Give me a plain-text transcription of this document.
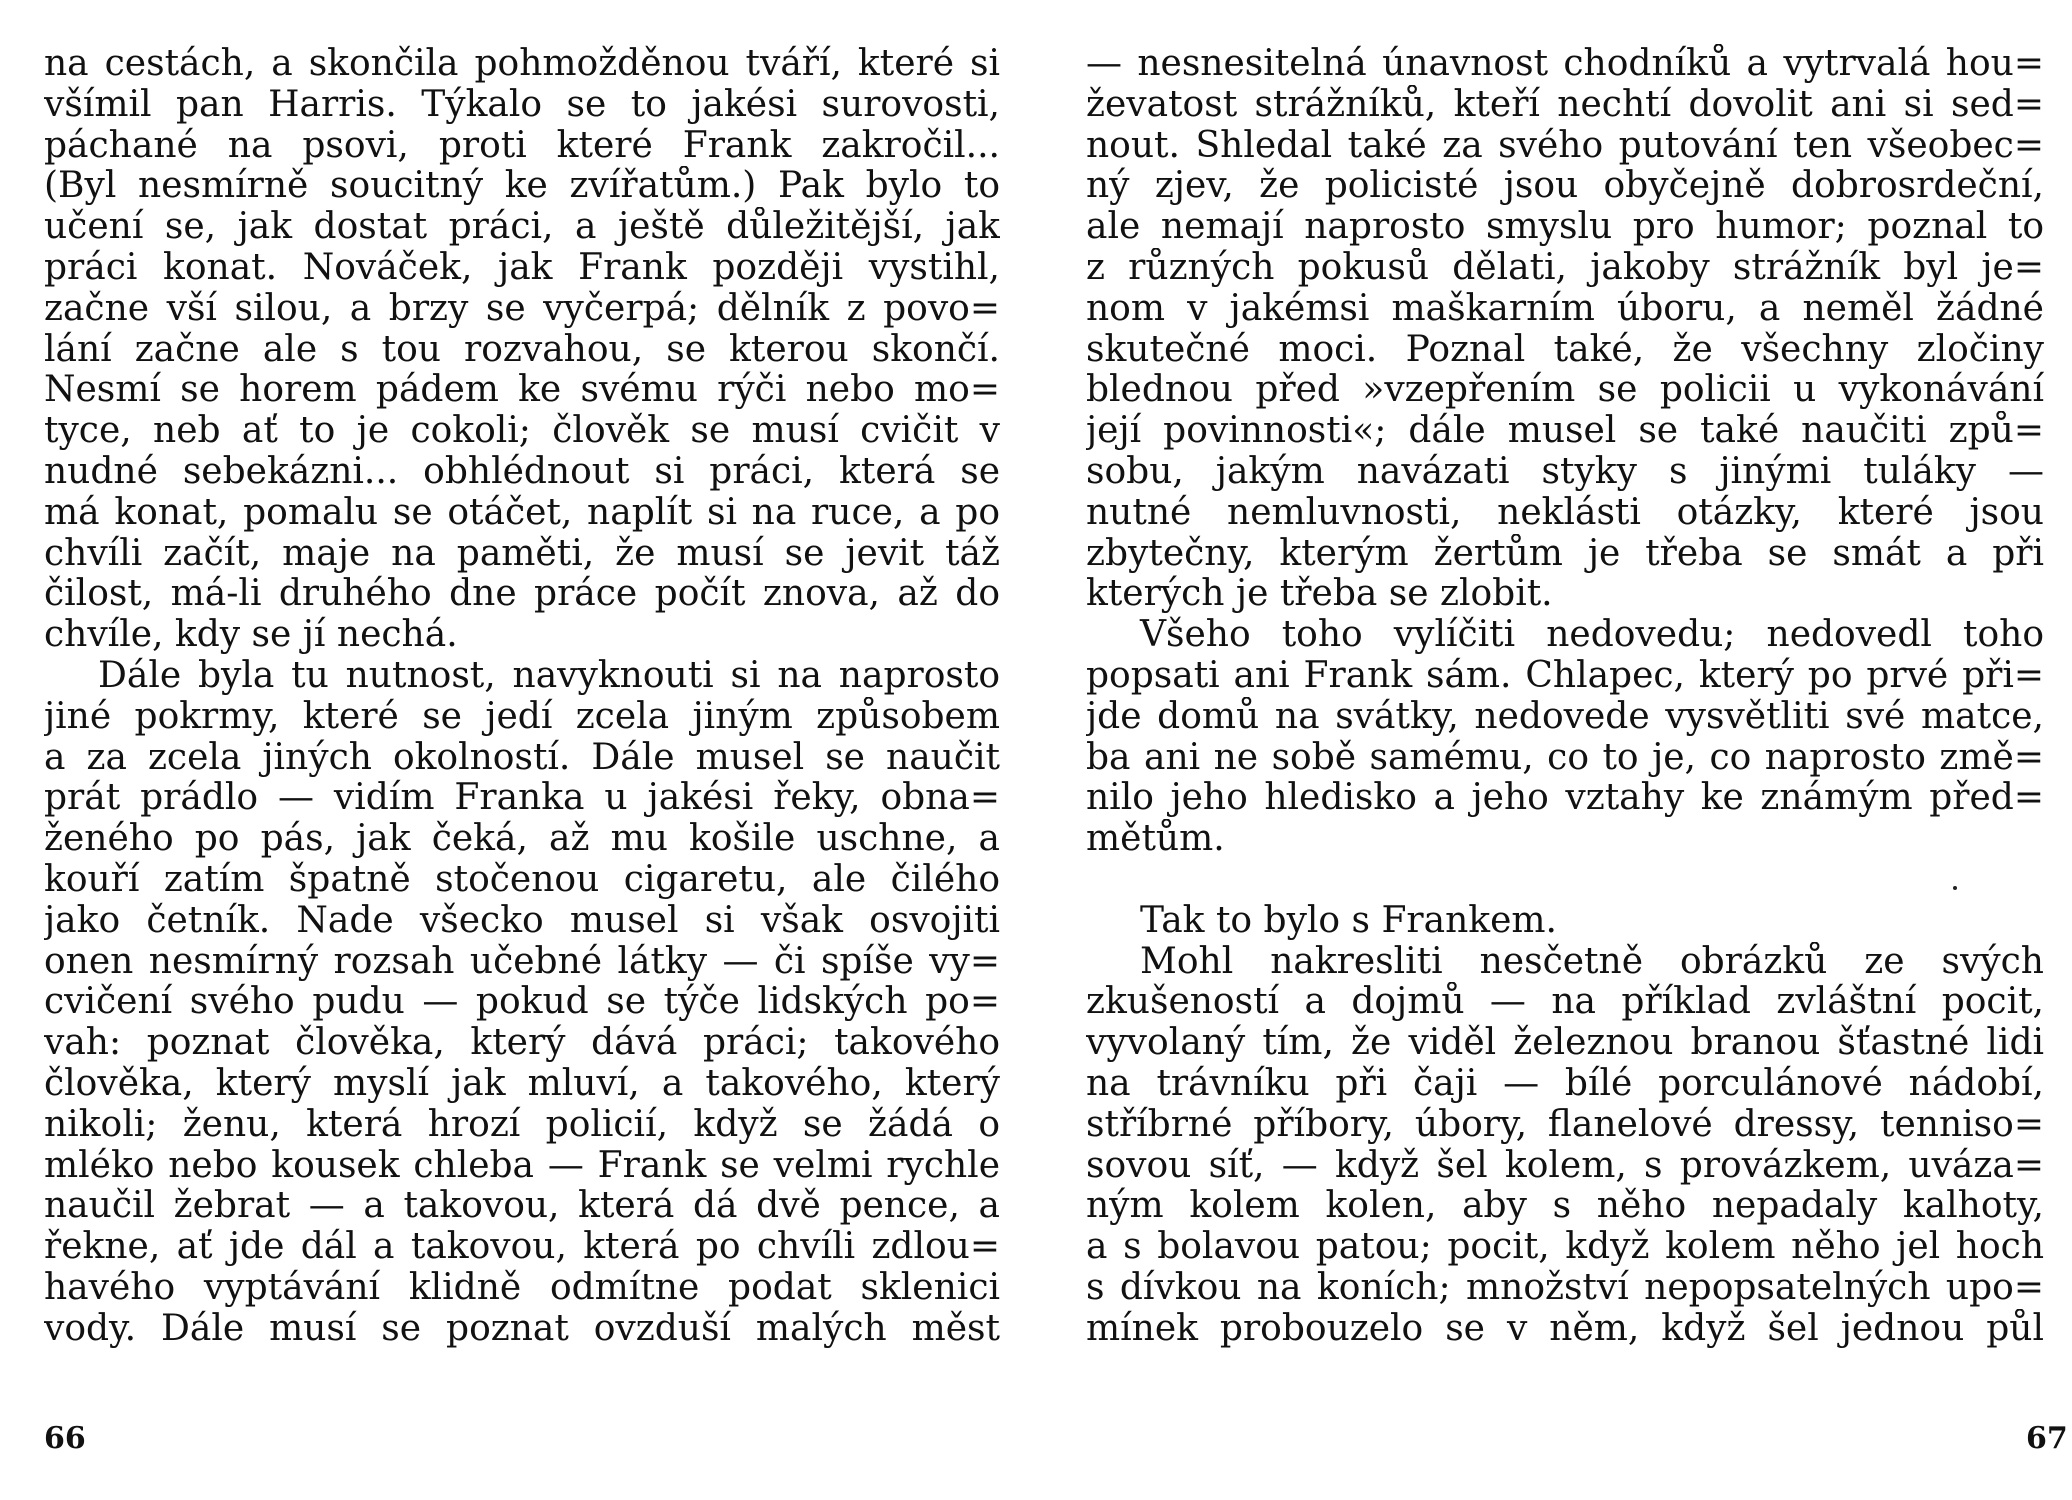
na cestách, a skončila pohmožděnou tváří, které si
všímil pan Harris. Týkalo se to jakési surovosti,
páchané na psovi, proti které Frank zakročil...
(Byl nesmírně soucitný ke zvířatům.) Pak bylo to
učení se, jak dostat práci, a ještě důležitější, jak
práci konat. Nováček, jak Frank později vystihl,
začne vší silou, a brzy se vyčerpá; dělník z povo=
lání začne ale s tou rozvahou, se kterou skončí.
Nesmí se horem pádem ke svému rýči nebo mo=
tyce, neb ať to je cokoli; člověk se musí cvičit v
nudné sebekázni... obhlédnout si práci, která se
má konat, pomalu se otáčet, naplít si na ruce, a po
chvíli začít, maje na paměti, že musí se jevit táž
čilost, má-li druhého dne práce počít znova, až do
chvíle, kdy se jí nechá.
Dále byla tu nutnost, navyknouti si na naprosto
jiné pokrmy, které se jedí zcela jiným způsobem
a za zcela jiných okolností. Dále musel se naučit
prát prádlo — vidím Franka u jakési řeky, obna=
ženého po pás, jak čeká, až mu košile uschne, a
kouří zatím špatně stočenou cigaretu, ale čilého
jako četník. Nade všecko musel si však osvojiti
onen nesmírný rozsah učebné látky — či spíše vy=
cvičení svého pudu — pokud se týče lidských po=
vah: poznat člověka, který dává práci; takového
člověka, který myslí jak mluví, a takového, který
nikoli; ženu, která hrozí policií, když se žádá o
mléko nebo kousek chleba — Frank se velmi rychle
naučil žebrat — a takovou, která dá dvě pence, a
řekne, ať jde dál a takovou, která po chvíli zdlou=
havého vyptávání klidně odmítne podat sklenici
vody. Dále musí se poznat ovzduší malých měst
66
— nesnesitelná únavnost chodníků a vytrvalá hou=
ževatost strážníků, kteří nechtí dovolit ani si sed=
nout. Shledal také za svého putování ten všeobec=
ný zjev, že policisté jsou obyčejně dobrosrdeční,
ale nemají naprosto smyslu pro humor; poznal to
z různých pokusů dělati, jakoby strážník byl je=
nom v jakémsi maškarním úboru, a neměl žádné
skutečné moci. Poznal také, že všechny zločiny
blednou před »vzepřením se policii u vykonávání
její povinnosti«; dále musel se také naučiti způ=
sobu, jakým navázati styky s jinými tuláky —
nutné nemluvnosti, neklásti otázky, které jsou
zbytečny, kterým žertům je třeba se smát a při
kterých je třeba se zlobit.
Všeho toho vylíčiti nedovedu; nedovedl toho
popsati ani Frank sám. Chlapec, který po prvé při=
jde domů na svátky, nedovede vysvětliti své matce,
ba ani ne sobě samému, co to je, co naprosto změ=
nilo jeho hledisko a jeho vztahy ke známým před=
mětům.
Tak to bylo s Frankem.
Mohl nakresliti nesčetně obrázků ze svých
zkušeností a dojmů — na příklad zvláštní pocit,
vyvolaný tím, že viděl železnou branou šťastné lidi
na trávníku při čaji — bílé porculánové nádobí,
stříbrné příbory, úbory, flanelové dressy, tenniso=
sovou síť, — když šel kolem, s provázkem, uváza=
ným kolem kolen, aby s něho nepadaly kalhoty,
a s bolavou patou; pocit, když kolem něho jel hoch
s dívkou na koních; množství nepopsatelných upo=
mínek probouzelo se v něm, když šel jednou půl
67
